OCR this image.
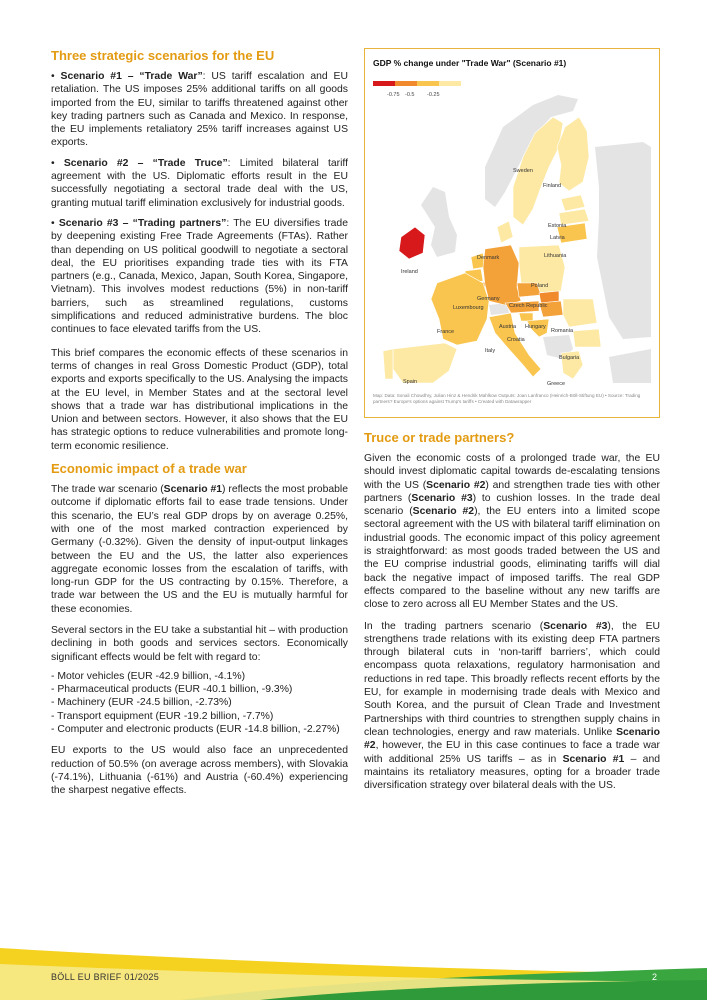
Three strategic scenarios for the EU
• Scenario #1 – “Trade War”: US tariff escalation and EU retaliation. The US imposes 25% additional tariffs on all goods imported from the EU, similar to tariffs threatened against other key trading partners such as Canada and Mexico. In response, the EU implements retaliatory 25% tariff increases against US exports.
• Scenario #2 – “Trade Truce”: Limited bilateral tariff agreement with the US. Diplomatic efforts result in the EU successfully negotiating a sectoral trade deal with the US, granting mutual tariff elimination exclusively for industrial goods.
• Scenario #3 – “Trading partners”: The EU diversifies trade by deepening existing Free Trade Agreements (FTAs). Rather than depending on US political goodwill to negotiate a sectoral deal, the EU prioritises expanding trade ties with its FTA partners (e.g., Canada, Mexico, Japan, South Korea, Singapore, Vietnam). This involves modest reductions (5%) in non-tariff barriers, such as streamlined regulations, customs simplifications and reduced administrative burdens. The bloc continues to face elevated tariffs from the US.

This brief compares the economic effects of these scenarios in terms of changes in real Gross Domestic Product (GDP), total exports and exports specifically to the US. Analysing the impacts at the EU level, in Member States and at the sectoral level shows that a trade war has distributional implications in the Union and between sectors. However, it also shows that the EU has strategic options to reduce vulnerabilities and promote long-term economic resilience.

Economic impact of a trade war

The trade war scenario (Scenario #1) reflects the most probable outcome if diplomatic efforts fail to ease trade tensions. Under this scenario, the EU’s real GDP drops by on average 0.25%, with one of the most marked contraction experienced by Germany (-0.32%). Given the density of input-output linkages between the EU and the US, the latter also experiences aggregate economic losses from the escalation of tariffs, with long-run GDP for the US contracting by 0.15%. Therefore, a trade war between the US and the EU is mutually harmful for these economies.

Several sectors in the EU take a substantial hit – with production declining in both goods and services sectors. Economically significant effects would be felt with regard to:

- Motor vehicles (EUR -42.9 billion, -4.1%)
- Pharmaceutical products (EUR -40.1 billion, -9.3%)
- Machinery (EUR -24.5 billion, -2.73%)
- Transport equipment (EUR -19.2 billion, -7.7%)
- Computer and electronic products (EUR -14.8 billion, -2.27%)

EU exports to the US would also face an unprecedented reduction of 50.5% (on average across members), with Slovakia (-74.1%), Lithuania (-61%) and Austria (-60.4%) experiencing the sharpest negative effects.

GDP % change under "Trade War" (Scenario #1)
-0.75 -0.5 -0.25
Sweden
Finland
Estonia
Latvia
Lithuania
Denmark
Ireland
Poland
Germany
Czech Republic
Luxembourg
Austria Hungary
France	Romania
Croatia
Italy
Bulgaria
Spain	Greece
Map: Data: Sonali Chowdhry, Julian Hinz & Hendrik Mahlkow Outputs: Joan Lanfranco (Heinrich-Böll-Stiftung EU) • Source: Trading partners? Europe's options against Trump's tariffs • Created with Datawrapper
Truce or trade partners?

Given the economic costs of a prolonged trade war, the EU should invest diplomatic capital towards de-escalating tensions with the US (Scenario #2) and strengthen trade ties with other partners (Scenario #3) to cushion losses. In the trade deal scenario (Scenario #2), the EU enters into a limited scope sectoral agreement with the US with bilateral tariff elimination on industrial goods. The economic impact of this policy agreement is straightforward: as most goods traded between the US and the EU comprise industrial goods, eliminating tariffs will dial back the negative impact of imposed tariffs. The real GDP effects compared to the baseline without any new tariffs are close to zero across all EU Member States and the US.

In the trading partners scenario (Scenario #3), the EU strengthens trade relations with its existing deep FTA partners through bilateral cuts in ‘non-tariff barriers’, which could encompass quota relaxations, regulatory harmonisation and reductions in red tape. This broadly reflects recent efforts by the EU, for example in modernising trade deals with Mexico and South Korea, and the pursuit of Clean Trade and Investment Partnerships with third countries to strengthen supply chains in clean technologies, energy and raw materials. Unlike Scenario #2, however, the EU in this case continues to face a trade war with additional 25% US tariffs – as in Scenario #1 – and maintains its retaliatory measures, opting for a broader trade diversification strategy over bilateral deals with the US.

BÖLL EU BRIEF 01/2025	2
